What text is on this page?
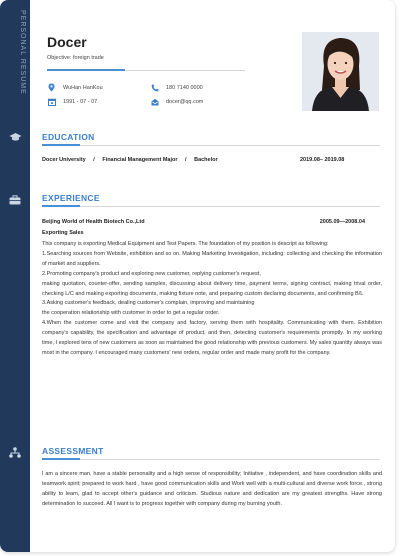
PERSONAL RESUME Docer
Objective: foreign trade
WuHan HanKou	180 7140 0000
1991 - 07 - 07	docer@qq.com
EDUCATION
Docer University / Financial Management Major / Bachelor	2019.08– 2019.08
EXPERIENCE
Beijing World of Health Biotech Co.,Ltd	2005.09—2008.04
Exporting Sales

This company is exporting Medical Equipment and Test Papers. The foundation of my position is descript as following:

1.Searching sources from Website, exhibition and so on. Making Marketing Investigation, including: collecting and checking the information of market and suppliers.

2.Promoting company's product and exploring new customer, replying customer's request,

making quotation, counter-offer, sending samples, discussing about delivery time, payment terms, signing contract, making trival order, checking L/C and making exporting documents, making fixture note, and preparing custom declaring documents, and confirming B/L

3.Asking customer's feedback, dealing customer's complain, improving and maintaining

the cooperation relationship with customer in order to get a regular order.

4.When the customer come and visit the company and factory, serving them with hospitality. Communicating with them. Exhibition company's capability, the specification and advantage of product, and then, detecting customer's requirements promptly. In my working time, I explored tens of new customers as soon as maintained the good relationship with previous customers. My sales quantity always was most in the company. I encouraged many customers' new orders, regular order and made many profit for the company.

ASSESSMENT

I am a sincere man, have a stable personality and a high sense of responsibility; Initiative , independent, and have coordination skills and teamwork spirit; prepared to work hard , have good communication skills and Work well with a multi-cultural and diverse work force., strong ability to learn, glad to accept other's guidance and criticism. Studious nature and dedication are my greatest strengths. Have strong determination to succeed. All I want is to progress together with company during my burning youth.
